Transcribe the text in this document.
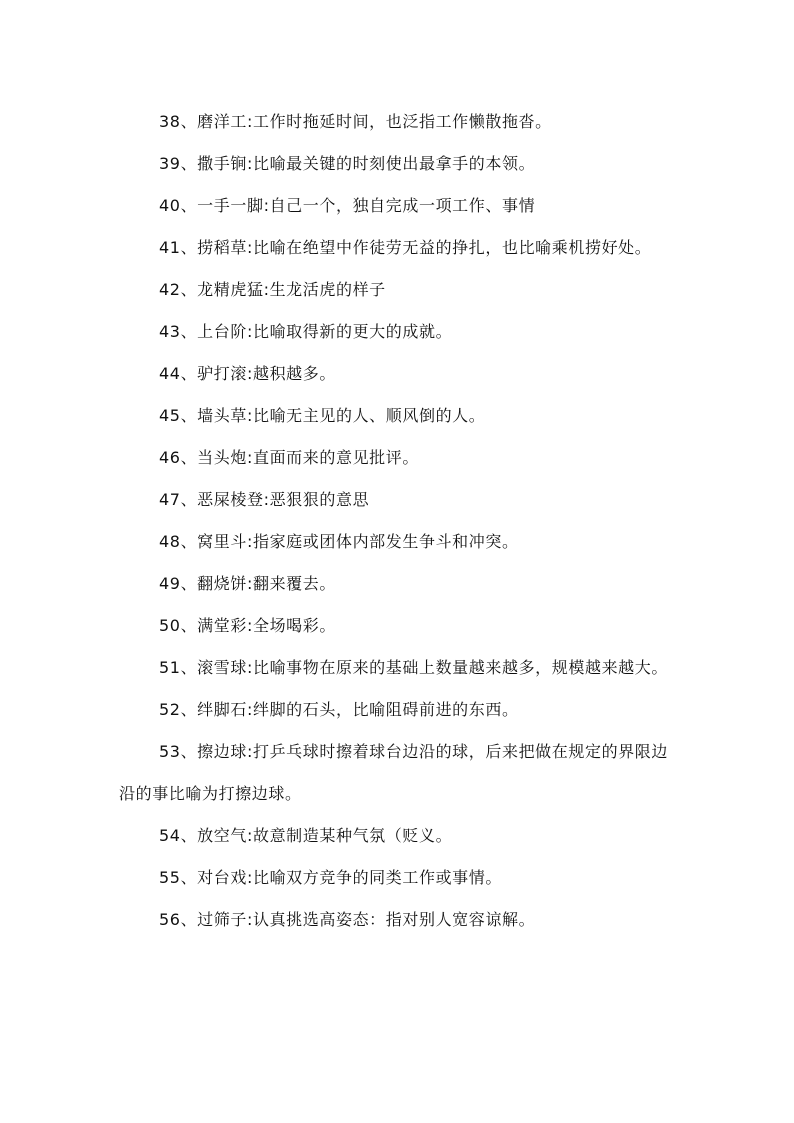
38、磨洋工:工作时拖延时间，也泛指工作懒散拖沓。

39、撒手锏:比喻最关键的时刻使出最拿手的本领。

40、一手一脚:自己一个，独自完成一项工作、事情

41、捞稻草:比喻在绝望中作徒劳无益的挣扎，也比喻乘机捞好处。

42、龙精虎猛:生龙活虎的样子

43、上台阶:比喻取得新的更大的成就。

44、驴打滚:越积越多。

45、墙头草:比喻无主见的人、顺风倒的人。

46、当头炮:直面而来的意见批评。

47、恶屎棱登:恶狠狠的意思

48、窝里斗:指家庭或团体内部发生争斗和冲突。

49、翻烧饼:翻来覆去。

50、满堂彩:全场喝彩。

51、滚雪球:比喻事物在原来的基础上数量越来越多，规模越来越大。

52、绊脚石:绊脚的石头，比喻阻碍前进的东西。

53、擦边球:打乒乓球时擦着球台边沿的球，后来把做在规定的界限边沿的事比喻为打擦边球。

54、放空气:故意制造某种气氛（贬义。

55、对台戏:比喻双方竞争的同类工作或事情。

56、过筛子:认真挑选高姿态：指对别人宽容谅解。
